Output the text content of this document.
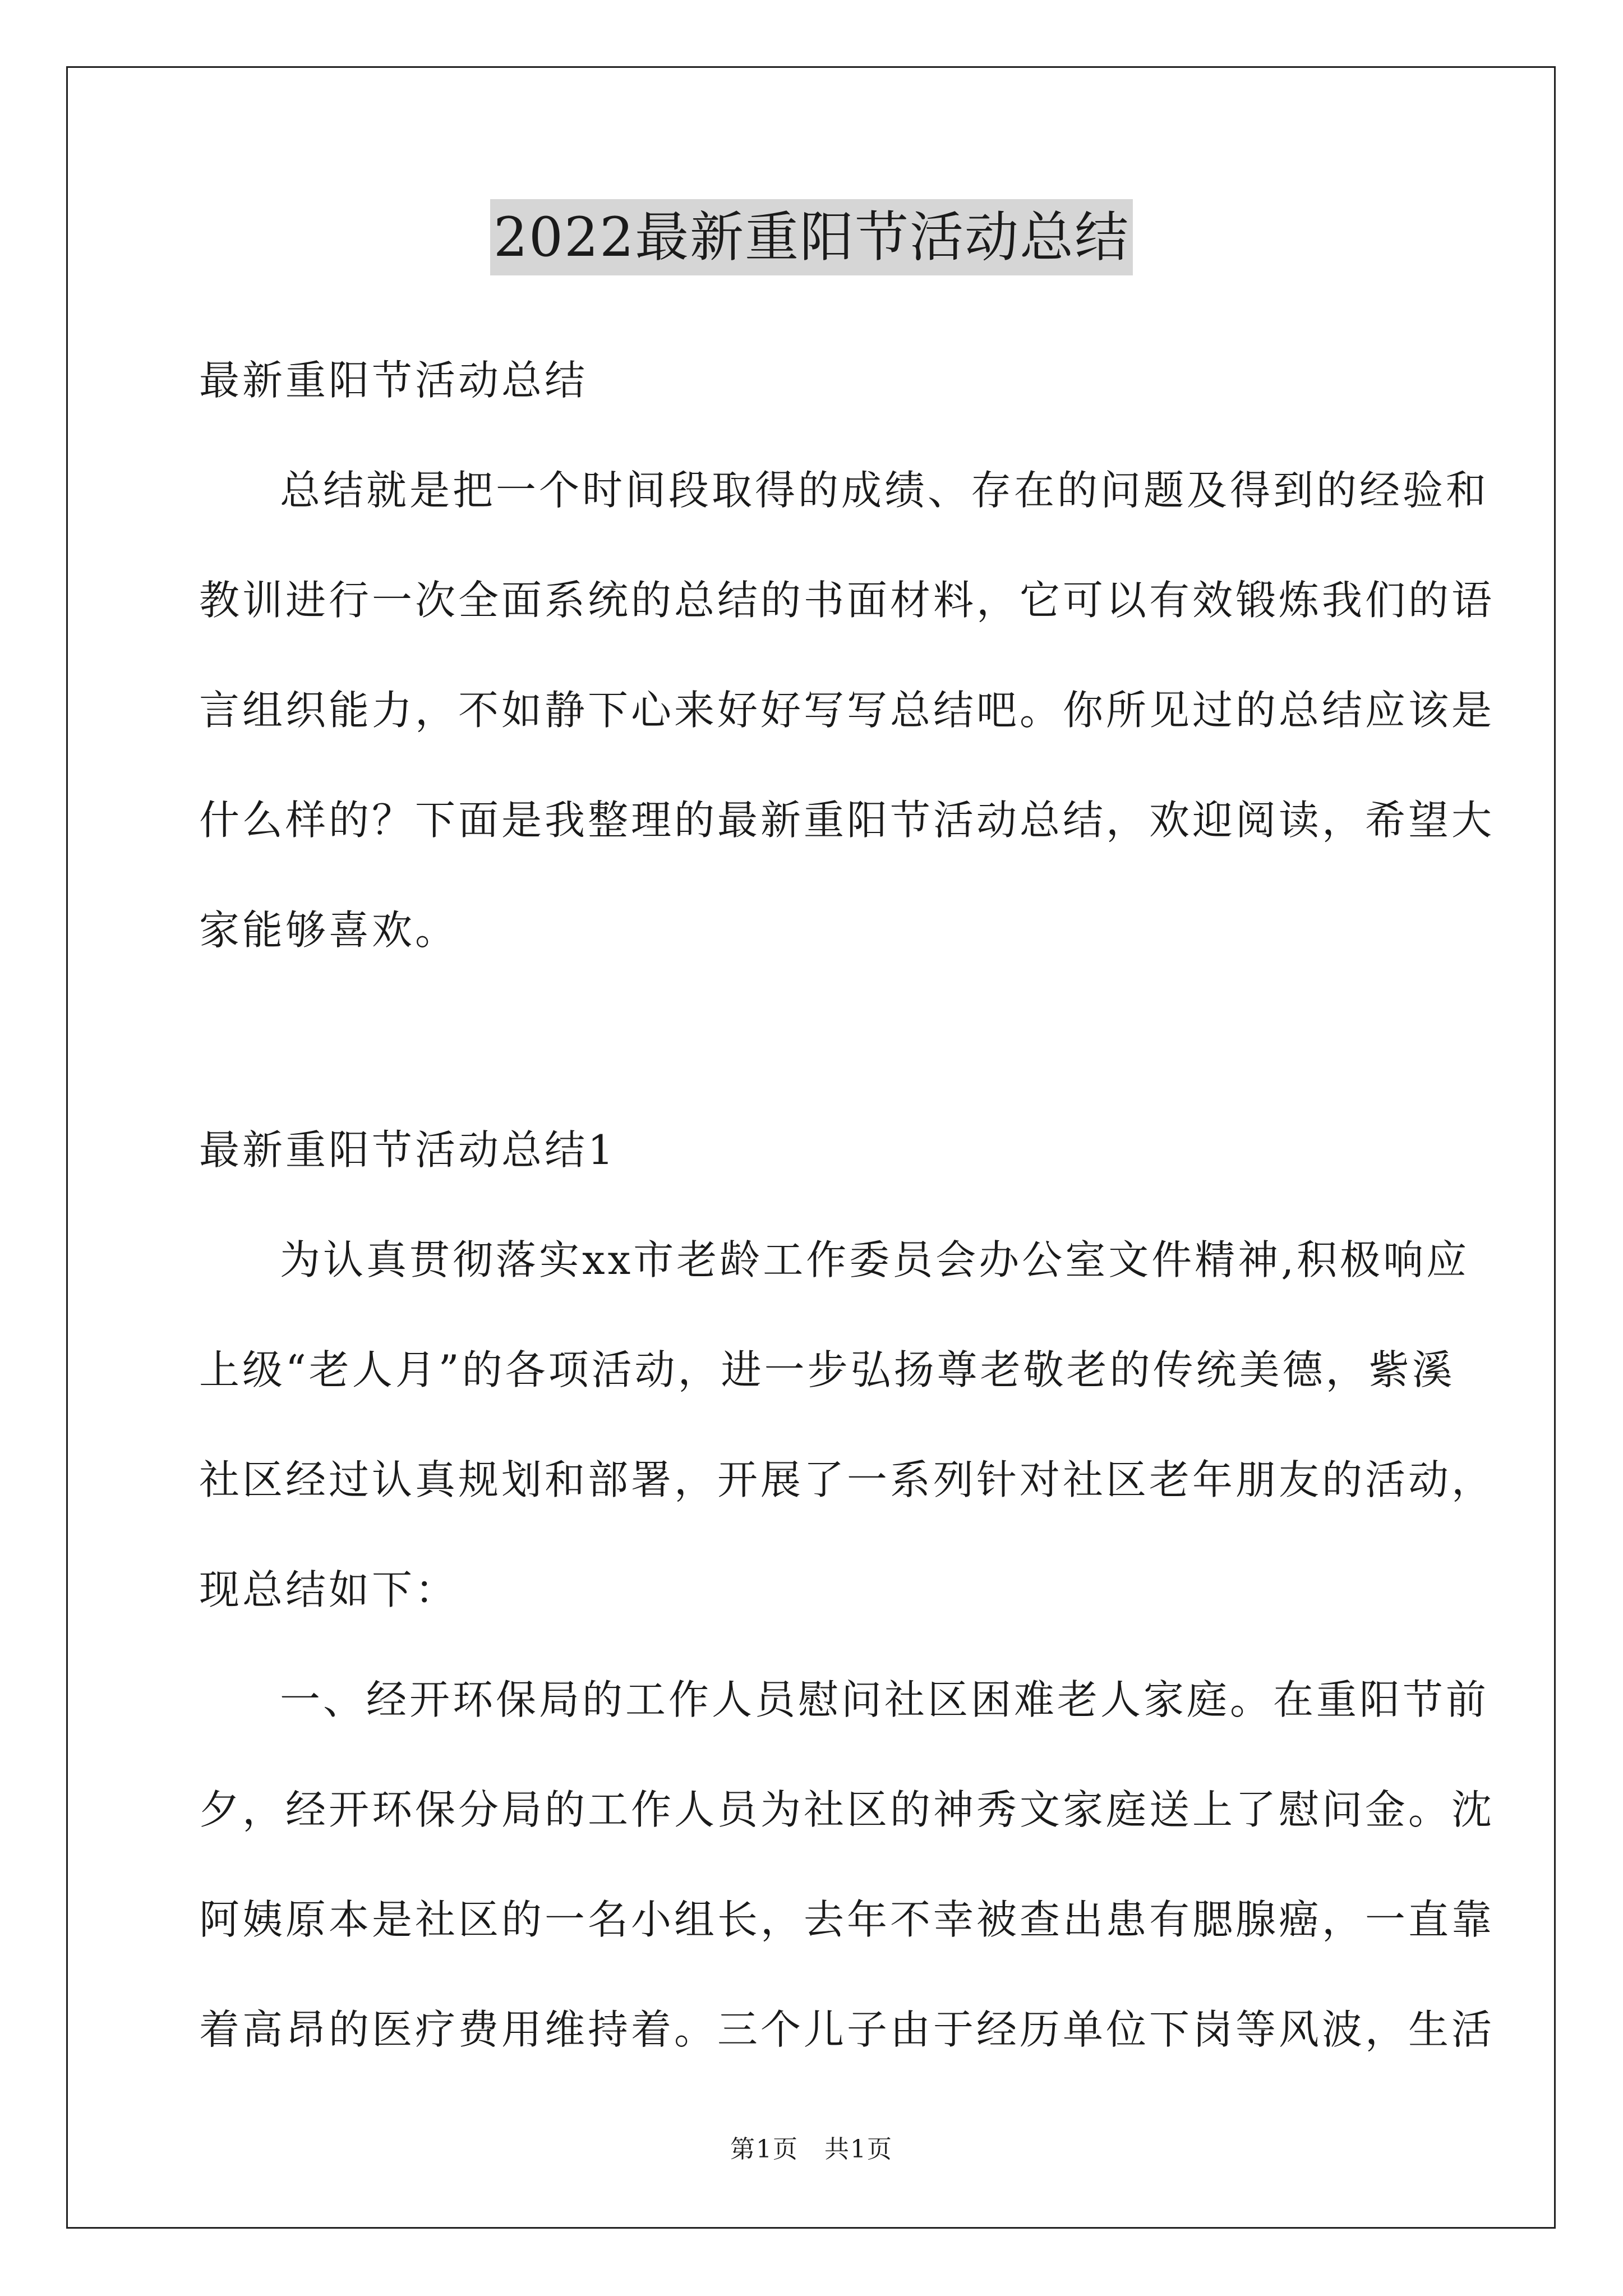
2022最新重阳节活动总结
最新重阳节活动总结
总结就是把一个时间段取得的成绩、存在的问题及得到的经验和
教训进行一次全面系统的总结的书面材料，它可以有效锻炼我们的语
言组织能力，不如静下心来好好写写总结吧。你所见过的总结应该是
什么样的？下面是我整理的最新重阳节活动总结，欢迎阅读，希望大
家能够喜欢。
最新重阳节活动总结1
为认真贯彻落实xx市老龄工作委员会办公室文件精神,积极响应
上级“老人月”的各项活动，进一步弘扬尊老敬老的传统美德，紫溪
社区经过认真规划和部署，开展了一系列针对社区老年朋友的活动，
现总结如下：
一、经开环保局的工作人员慰问社区困难老人家庭。在重阳节前
夕，经开环保分局的工作人员为社区的神秀文家庭送上了慰问金。沈
阿姨原本是社区的一名小组长，去年不幸被查出患有腮腺癌，一直靠
着高昂的医疗费用维持着。三个儿子由于经历单位下岗等风波，生活
第1页　共1页
